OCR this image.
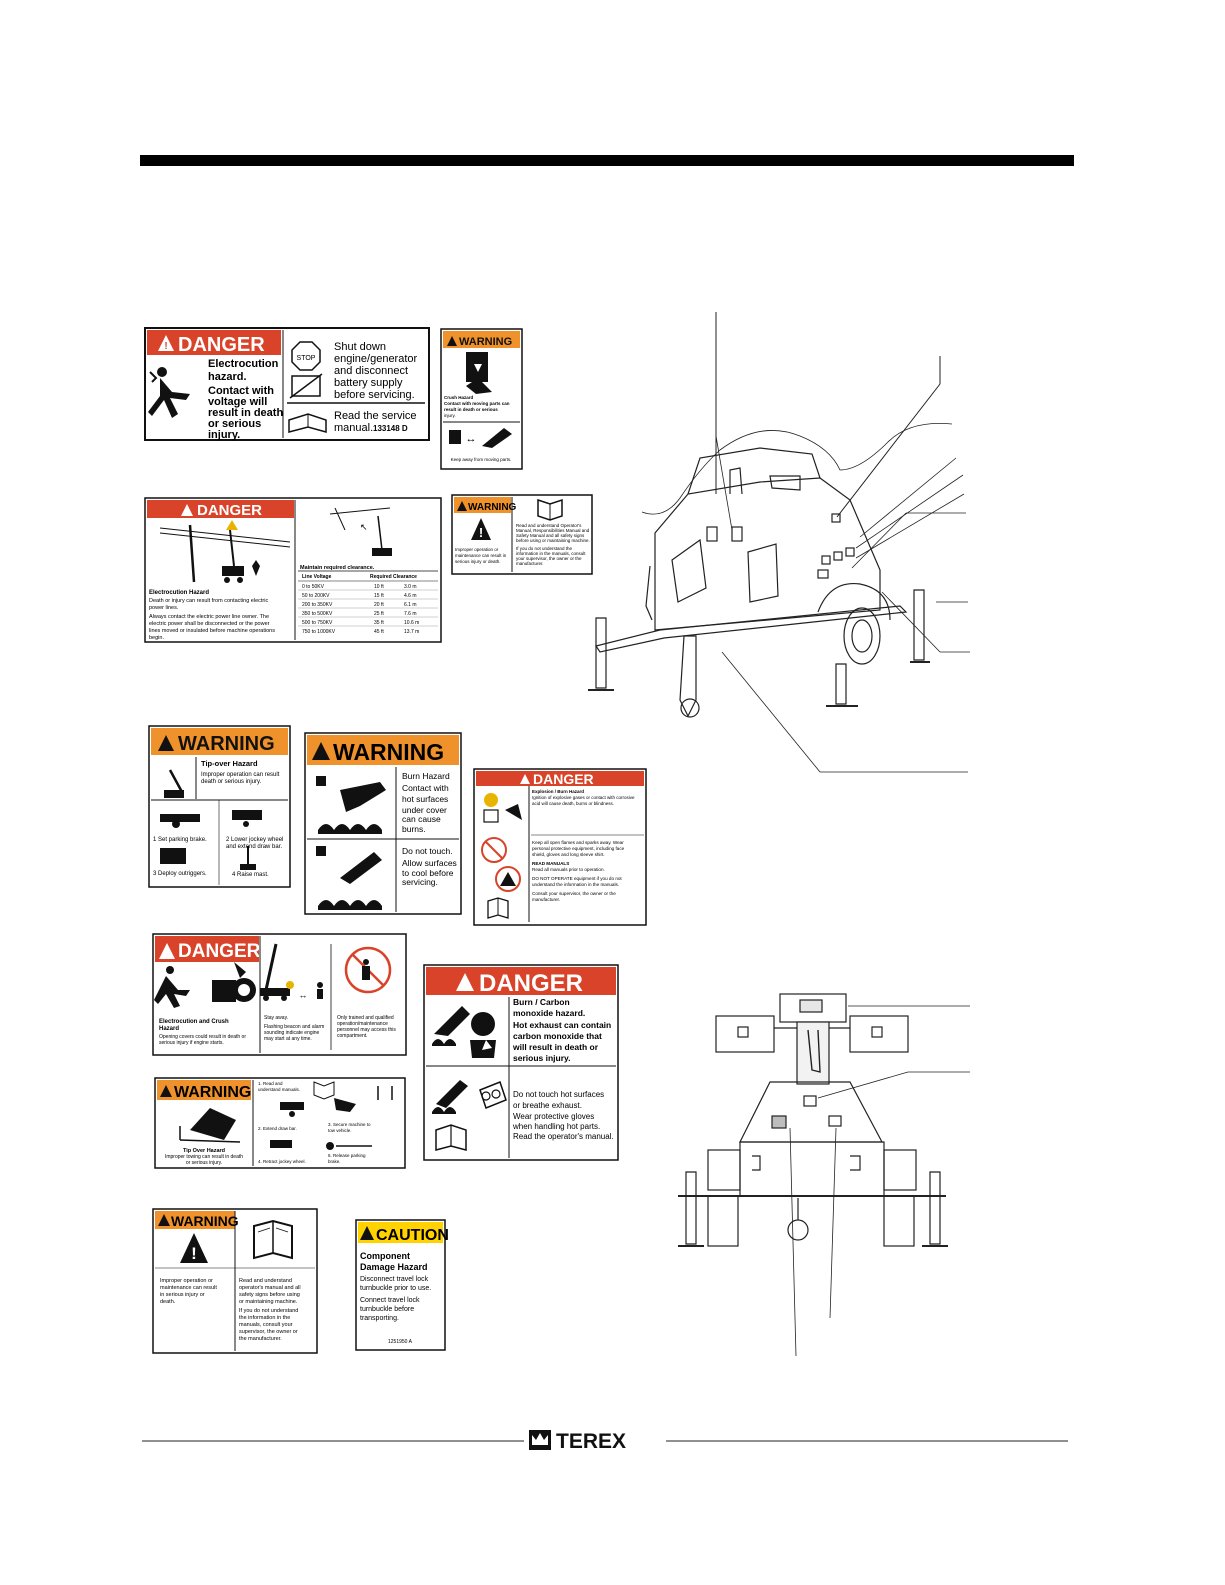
! DANGER
Electrocution
hazard.
Contact with
voltage will
result in death
or serious
injury.
STOP
Shut down
engine/generator
and disconnect
battery supply
before servicing.
Read the service
manual. 133148 D
WARNING
Crush Hazard
Contact with moving parts can
result in death or serious
injury.
↔
Keep away from moving parts.
DANGER
Electrocution Hazard
Death or injury can result from contacting electric
power lines.
Always contact the electric power line owner. The
electric power shall be disconnected or the power
lines moved or insulated before machine operations
begin.
↖
Maintain required clearance.
Line Voltage	Required Clearance
0 to 50KV	10 ft	3.0 m
50 to 200KV	15 ft	4.6 m
200 to 350KV	20 ft	6.1 m
350 to 500KV	25 ft	7.6 m
500 to 750KV	35 ft	10.6 m
750 to 1000KV	45 ft	13.7 m
WARNING
!
Improper operation or
maintenance can result in
serious injury or death.
Read and understand Operator's
Manual, Responsibilities Manual and
Safety Manual and all safety signs
before using or maintaining machine.
If you do not understand the
information in the manuals, consult
your supervisor, the owner or the
manufacturer.
WARNING
Tip-over Hazard
Improper operation can result
death or serious injury.
1 Set parking brake.	2 Lower jockey wheel
and extend draw bar.
3 Deploy outriggers.	4 Raise mast.
WARNING
Burn Hazard
Contact with
hot surfaces
under cover
can cause
burns.
Do not touch.
Allow surfaces
to cool before
servicing.
DANGER
Explosion / Burn Hazard
Ignition of explosive gases or contact with corrosive
acid will cause death, burns or blindness.
Keep all open flames and sparks away. Wear
personal protective equipment, including face
shield, gloves and long sleeve shirt.
READ MANUALS
Read all manuals prior to operation.
DO NOT OPERATE equipment if you do not
understand the information in the manuals.
Consult your supervisor, the owner or the
manufacturer.
DANGER
↔
Electrocution and Crush
Hazard
Opening covers could result in death or
serious injury if engine starts.
Stay away.
Flashing beacon and alarm
sounding indicate engine
may start at any time.
Only trained and qualified
operation/maintenance
personnel may access this
compartment.
DANGER
Burn / Carbon
monoxide hazard.
Hot exhaust can contain
carbon monoxide that
will result in death or
serious injury.
Do not touch hot surfaces
or breathe exhaust.
Wear protective gloves
when handling hot parts.
Read the operator's manual.
WARNING
Tip Over Hazard
Improper towing can result in death
or serious injury.
1. Read and
understand manuals.
2. Extend draw bar.
3. Secure machine to
tow vehicle.
4. Retract jockey wheel.
5. Release parking
brake.
WARNING
!
Improper operation or
maintenance can result
in serious injury or
death.
Read and understand
operator's manual and all
safety signs before using
or maintaining machine.
If you do not understand
the information in the
manuals, consult your
supervisor, the owner or
the manufacturer.
CAUTION
Component
Damage Hazard
Disconnect travel lock
turnbuckle prior to use.
Connect travel lock
turnbuckle before
transporting.
1251950 A
TEREX
